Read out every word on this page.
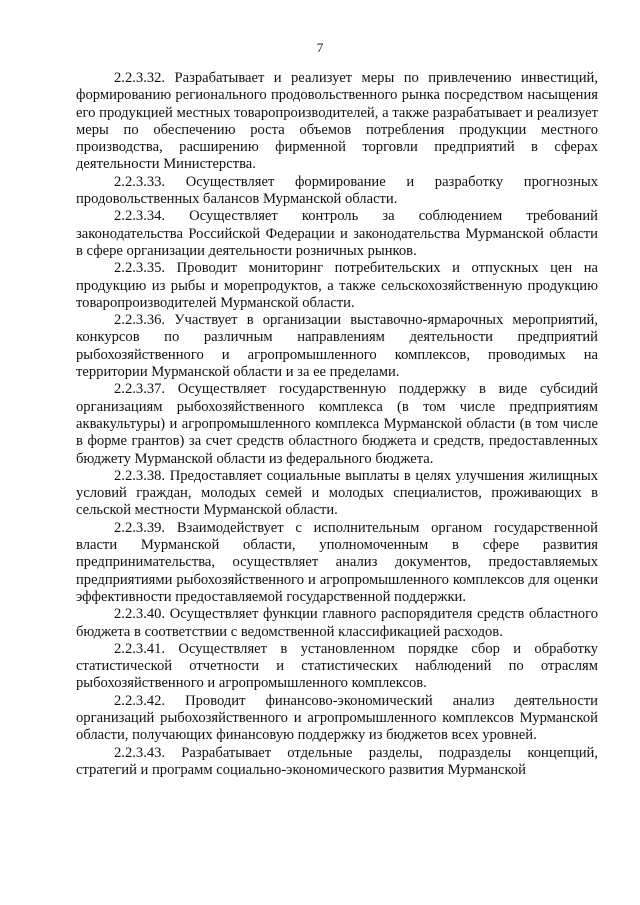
7

2.2.3.32. Разрабатывает и реализует меры по привлечению инвестиций, формированию регионального продовольственного рынка посредством насыщения его продукцией местных товаропроизводителей, а также разрабатывает и реализует меры по обеспечению роста объемов потребления продукции местного производства, расширению фирменной торговли предприятий в сферах деятельности Министерства.

2.2.3.33. Осуществляет формирование и разработку прогнозных продовольственных балансов Мурманской области.

2.2.3.34. Осуществляет контроль за соблюдением требований законодательства Российской Федерации и законодательства Мурманской области в сфере организации деятельности розничных рынков.

2.2.3.35. Проводит мониторинг потребительских и отпускных цен на продукцию из рыбы и морепродуктов, а также сельскохозяйственную продукцию товаропроизводителей Мурманской области.

2.2.3.36. Участвует в организации выставочно-ярмарочных мероприятий, конкурсов по различным направлениям деятельности предприятий рыбохозяйственного и агропромышленного комплексов, проводимых на территории Мурманской области и за ее пределами.

2.2.3.37. Осуществляет государственную поддержку в виде субсидий организациям рыбохозяйственного комплекса (в том числе предприятиям аквакультуры) и агропромышленного комплекса Мурманской области (в том числе в форме грантов) за счет средств областного бюджета и средств, предоставленных бюджету Мурманской области из федерального бюджета.

2.2.3.38. Предоставляет социальные выплаты в целях улучшения жилищных условий граждан, молодых семей и молодых специалистов, проживающих в сельской местности Мурманской области.

2.2.3.39. Взаимодействует с исполнительным органом государственной власти Мурманской области, уполномоченным в сфере развития предпринимательства, осуществляет анализ документов, предоставляемых предприятиями рыбохозяйственного и агропромышленного комплексов для оценки эффективности предоставляемой государственной поддержки.

2.2.3.40. Осуществляет функции главного распорядителя средств областного бюджета в соответствии с ведомственной классификацией расходов.

2.2.3.41. Осуществляет в установленном порядке сбор и обработку статистической отчетности и статистических наблюдений по отраслям рыбохозяйственного и агропромышленного комплексов.

2.2.3.42. Проводит финансово-экономический анализ деятельности организаций рыбохозяйственного и агропромышленного комплексов Мурманской области, получающих финансовую поддержку из бюджетов всех уровней.

2.2.3.43. Разрабатывает отдельные разделы, подразделы концепций, стратегий и программ социально-экономического развития Мурманской
